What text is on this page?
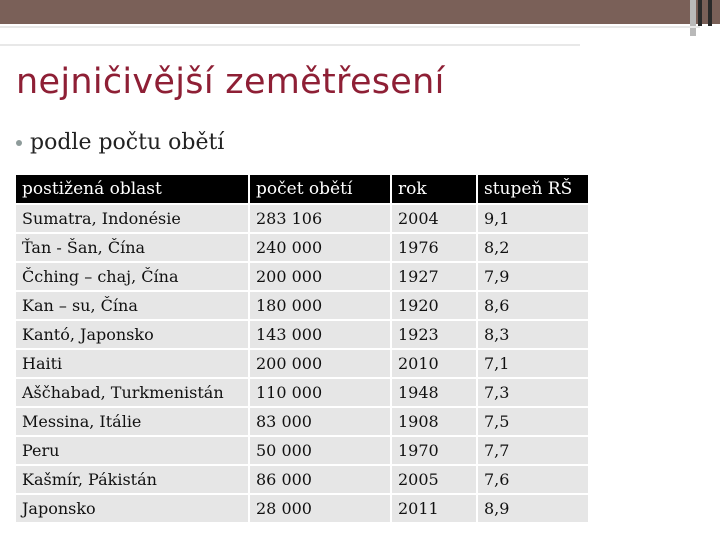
nejničivější zemětřesení
podle počtu obětí
postižená oblast	počet obětí	rok	stupeň RŠ
Sumatra, Indonésie	283 106	2004	9,1
Ťan - Šan, Čína	240 000	1976	8,2
Čching – chaj, Čína	200 000	1927	7,9
Kan – su, Čína	180 000	1920	8,6
Kantó, Japonsko	143 000	1923	8,3
Haiti	200 000	2010	7,1
Aščhabad, Turkmenistán	110 000	1948	7,3
Messina, Itálie	83 000	1908	7,5
Peru	50 000	1970	7,7
Kašmír, Pákistán	86 000	2005	7,6
Japonsko	28 000	2011	8,9
